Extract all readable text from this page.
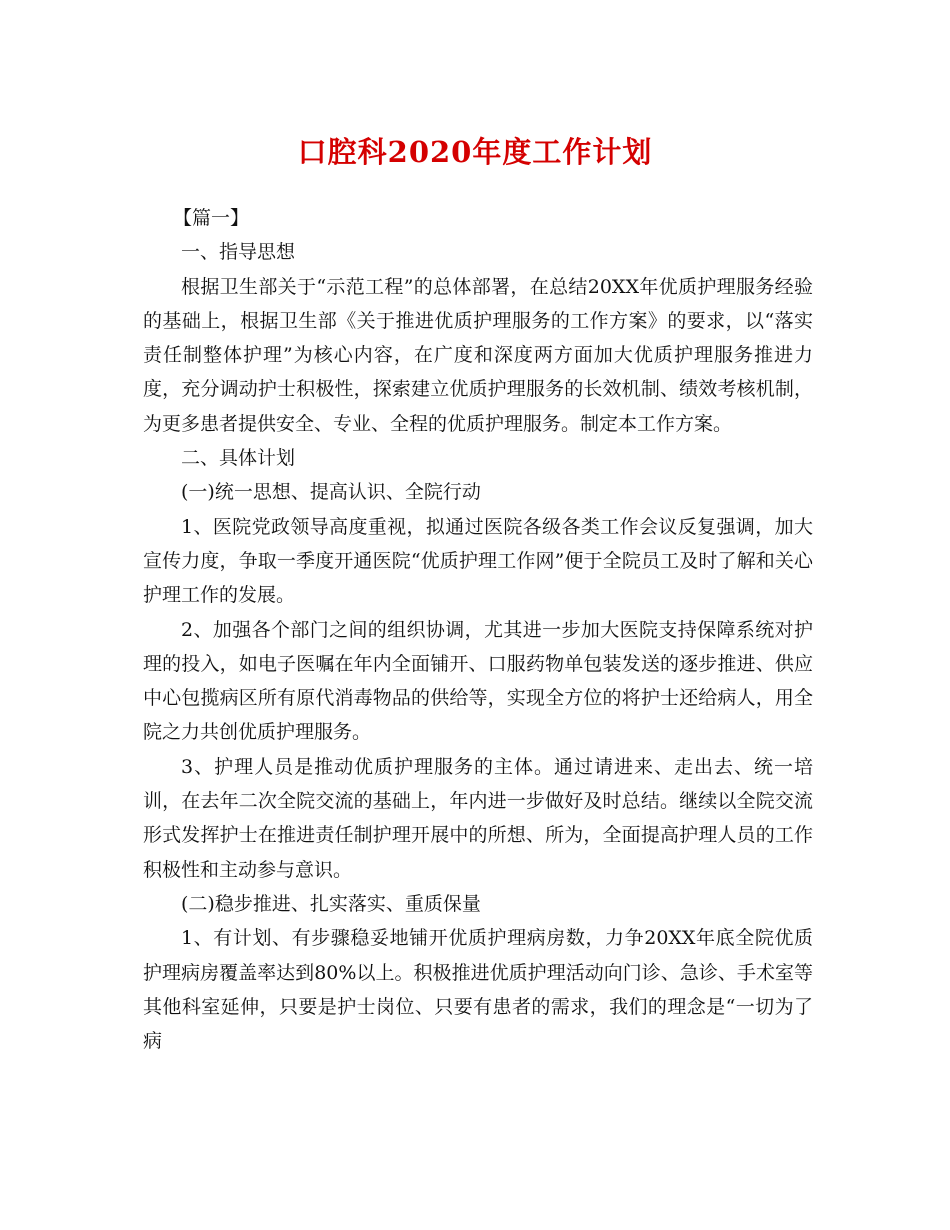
口腔科2020年度工作计划

【篇一】

一、指导思想

根据卫生部关于“示范工程”的总体部署，在总结20XX年优质护理服务经验的基础上，根据卫生部《关于推进优质护理服务的工作方案》的要求，以“落实责任制整体护理”为核心内容，在广度和深度两方面加大优质护理服务推进力度，充分调动护士积极性，探索建立优质护理服务的长效机制、绩效考核机制，为更多患者提供安全、专业、全程的优质护理服务。制定本工作方案。

二、具体计划

(一)统一思想、提高认识、全院行动

1、医院党政领导高度重视，拟通过医院各级各类工作会议反复强调，加大宣传力度，争取一季度开通医院“优质护理工作网”便于全院员工及时了解和关心护理工作的发展。

2、加强各个部门之间的组织协调，尤其进一步加大医院支持保障系统对护理的投入，如电子医嘱在年内全面铺开、口服药物单包装发送的逐步推进、供应中心包揽病区所有原代消毒物品的供给等，实现全方位的将护士还给病人，用全院之力共创优质护理服务。

3、护理人员是推动优质护理服务的主体。通过请进来、走出去、统一培训，在去年二次全院交流的基础上，年内进一步做好及时总结。继续以全院交流形式发挥护士在推进责任制护理开展中的所想、所为，全面提高护理人员的工作积极性和主动参与意识。

(二)稳步推进、扎实落实、重质保量

1、有计划、有步骤稳妥地铺开优质护理病房数，力争20XX年底全院优质护理病房覆盖率达到80%以上。积极推进优质护理活动向门诊、急诊、手术室等其他科室延伸，只要是护士岗位、只要有患者的需求，我们的理念是“一切为了病
